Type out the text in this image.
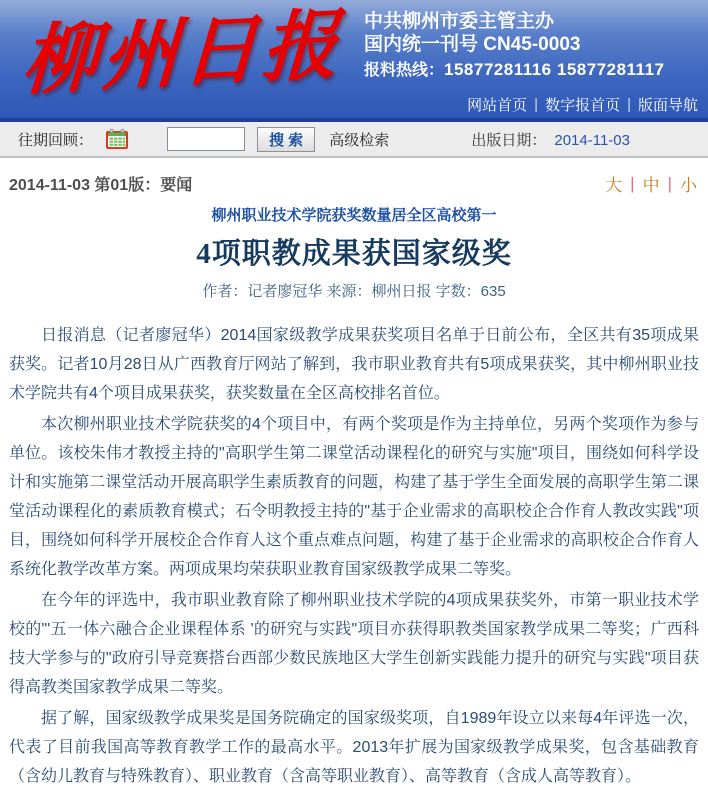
柳州日报 中共柳州市委主管主办
国内统一刊号 CN45-0003
报料热线：15877281116 15877281117
网站首页 | 数字报首页 | 版面导航
往期回顾：	搜 索	高级检索	出版日期： 2014-11-03
2014-11-03 第01版：要闻	大 | 中 | 小
柳州职业技术学院获奖数量居全区高校第一
4项职教成果获国家级奖
作者：记者廖冠华 来源：柳州日报 字数：635

日报消息（记者廖冠华）2014国家级教学成果获奖项目名单于日前公布，全区共有35项成果获奖。记者10月28日从广西教育厅网站了解到，我市职业教育共有5项成果获奖，其中柳州职业技术学院共有4个项目成果获奖，获奖数量在全区高校排名首位。

本次柳州职业技术学院获奖的4个项目中，有两个奖项是作为主持单位，另两个奖项作为参与单位。该校朱伟才教授主持的"高职学生第二课堂活动课程化的研究与实施"项目，围绕如何科学设计和实施第二课堂活动开展高职学生素质教育的问题，构建了基于学生全面发展的高职学生第二课堂活动课程化的素质教育模式；石令明教授主持的"基于企业需求的高职校企合作育人教改实践"项目，围绕如何科学开展校企合作育人这个重点难点问题，构建了基于企业需求的高职校企合作育人系统化教学改革方案。两项成果均荣获职业教育国家级教学成果二等奖。

在今年的评选中，我市职业教育除了柳州职业技术学院的4项成果获奖外，市第一职业技术学校的"'五一体六融合企业课程体系 '的研究与实践"项目亦获得职教类国家教学成果二等奖；广西科技大学参与的"政府引导竞赛搭台西部少数民族地区大学生创新实践能力提升的研究与实践"项目获得高教类国家教学成果二等奖。

据了解，国家级教学成果奖是国务院确定的国家级奖项，自1989年设立以来每4年评选一次，代表了目前我国高等教育教学工作的最高水平。2013年扩展为国家级教学成果奖，包含基础教育（含幼儿教育与特殊教育）、职业教育（含高等职业教育）、高等教育（含成人高等教育）。
